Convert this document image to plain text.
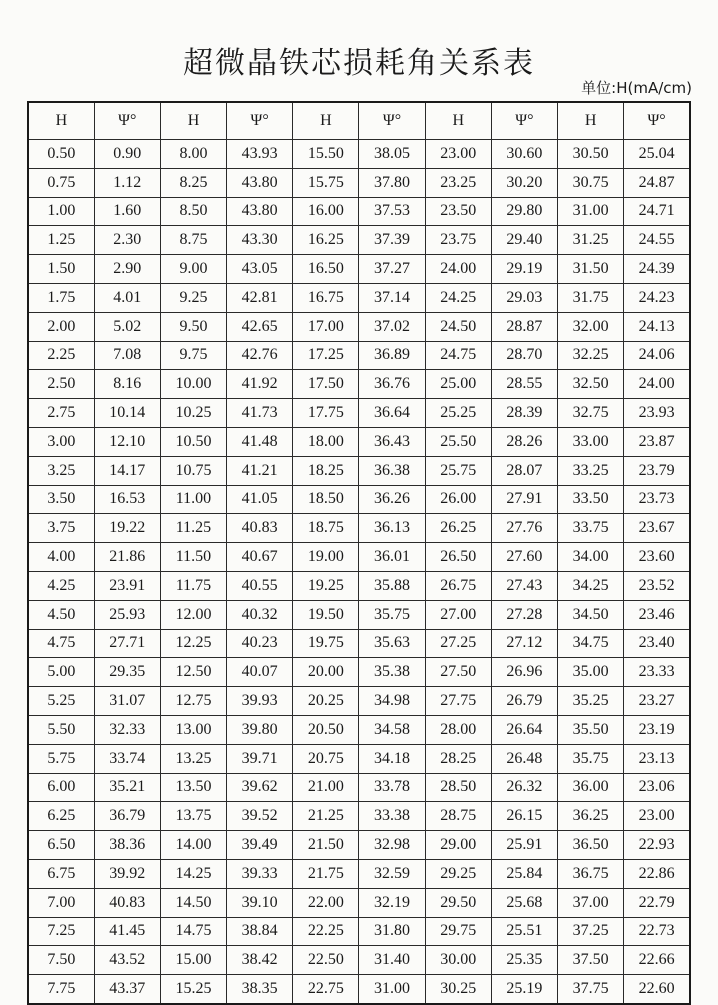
超微晶铁芯损耗角关系表
单位:H(mA/cm)
H	Ψ°	H	Ψ°	H	Ψ°	H	Ψ°	H	Ψ°
0.50	0.90	8.00	43.93	15.50	38.05	23.00	30.60	30.50	25.04
0.75	1.12	8.25	43.80	15.75	37.80	23.25	30.20	30.75	24.87
1.00	1.60	8.50	43.80	16.00	37.53	23.50	29.80	31.00	24.71
1.25	2.30	8.75	43.30	16.25	37.39	23.75	29.40	31.25	24.55
1.50	2.90	9.00	43.05	16.50	37.27	24.00	29.19	31.50	24.39
1.75	4.01	9.25	42.81	16.75	37.14	24.25	29.03	31.75	24.23
2.00	5.02	9.50	42.65	17.00	37.02	24.50	28.87	32.00	24.13
2.25	7.08	9.75	42.76	17.25	36.89	24.75	28.70	32.25	24.06
2.50	8.16	10.00	41.92	17.50	36.76	25.00	28.55	32.50	24.00
2.75	10.14	10.25	41.73	17.75	36.64	25.25	28.39	32.75	23.93
3.00	12.10	10.50	41.48	18.00	36.43	25.50	28.26	33.00	23.87
3.25	14.17	10.75	41.21	18.25	36.38	25.75	28.07	33.25	23.79
3.50	16.53	11.00	41.05	18.50	36.26	26.00	27.91	33.50	23.73
3.75	19.22	11.25	40.83	18.75	36.13	26.25	27.76	33.75	23.67
4.00	21.86	11.50	40.67	19.00	36.01	26.50	27.60	34.00	23.60
4.25	23.91	11.75	40.55	19.25	35.88	26.75	27.43	34.25	23.52
4.50	25.93	12.00	40.32	19.50	35.75	27.00	27.28	34.50	23.46
4.75	27.71	12.25	40.23	19.75	35.63	27.25	27.12	34.75	23.40
5.00	29.35	12.50	40.07	20.00	35.38	27.50	26.96	35.00	23.33
5.25	31.07	12.75	39.93	20.25	34.98	27.75	26.79	35.25	23.27
5.50	32.33	13.00	39.80	20.50	34.58	28.00	26.64	35.50	23.19
5.75	33.74	13.25	39.71	20.75	34.18	28.25	26.48	35.75	23.13
6.00	35.21	13.50	39.62	21.00	33.78	28.50	26.32	36.00	23.06
6.25	36.79	13.75	39.52	21.25	33.38	28.75	26.15	36.25	23.00
6.50	38.36	14.00	39.49	21.50	32.98	29.00	25.91	36.50	22.93
6.75	39.92	14.25	39.33	21.75	32.59	29.25	25.84	36.75	22.86
7.00	40.83	14.50	39.10	22.00	32.19	29.50	25.68	37.00	22.79
7.25	41.45	14.75	38.84	22.25	31.80	29.75	25.51	37.25	22.73
7.50	43.52	15.00	38.42	22.50	31.40	30.00	25.35	37.50	22.66
7.75	43.37	15.25	38.35	22.75	31.00	30.25	25.19	37.75	22.60
